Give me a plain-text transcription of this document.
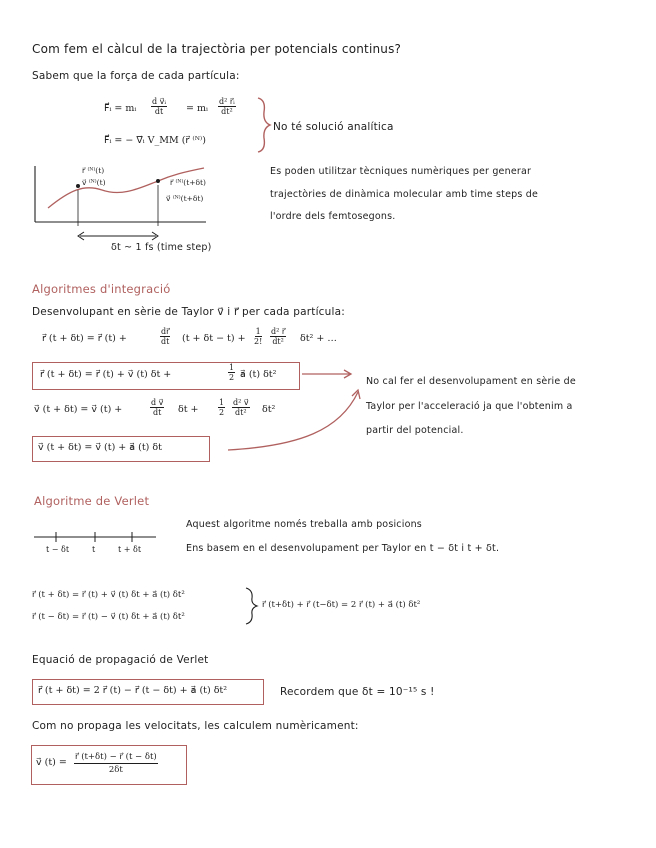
Com fem el càlcul de la trajectòria per potencials continus?
Sabem que la força de cada partícula:
F⃗ᵢ = mᵢ $\frac{\text{d v⃗ᵢ}}{dt}$ = mᵢ $\frac{\text{d² r⃗ᵢ}}{\text{dt²}}$
F⃗ᵢ = − ∇⃗ᵢ V_MM (r⃗ ⁽ᴺ⁾)
No té solució analítica
r⃗ ⁽ᴺ⁾(t)
v⃗ ⁽ᴺ⁾(t)	r⃗ ⁽ᴺ⁾(t+δt)
v⃗ ⁽ᴺ⁾(t+δt)
δt ~ 1 fs (time step)
Es poden utilitzar tècniques numèriques per generar
trajectòries de dinàmica molecular amb time steps de
l'ordre dels femtosegons.
Algoritmes d'integració
Desenvolupant en sèrie de Taylor v⃗ i r⃗ per cada partícula:
r⃗ (t + δt) = r⃗ (t) +	$\frac{dr⃗}{dt} (t + \delta t - t) + \frac{1}{2!} \frac{\text{d² r⃗}}{\text{dt²}} \delta t^2$ + …
r⃗ (t + δt) = r⃗ (t) + v⃗ (t) δt +	$\frac{1}{2}$ a⃗ (t) δt²
v⃗ (t + δt) = v⃗ (t) +	$\frac{\text{d v⃗}}{dt}$ $\delta t + \frac{1}{2} \frac{\text{d² v⃗}}{\text{dt²}} \delta t^2$
v⃗ (t + δt) = v⃗ (t) + a⃗ (t) δt
No cal fer el desenvolupament en sèrie de
Taylor per l'acceleració ja que l'obtenim a
partir del potencial.
Algoritme de Verlet
Aquest algoritme només treballa amb posicions
Ens basem en el desenvolupament per Taylor en t − δt i t + δt.
t − δt	t	t + δt
r⃗ (t + δt) = r⃗ (t) + v⃗ (t) δt + a⃗ (t) δt²
r⃗ (t − δt) = r⃗ (t) − v⃗ (t) δt + a⃗ (t) δt²
r⃗ (t+δt) + r⃗ (t−δt) = 2 r⃗ (t) + a⃗ (t) δt²
Equació de propagació de Verlet
r⃗ (t + δt) = 2 r⃗ (t) − r⃗ (t − δt) + a⃗ (t) δt²	Recordem que δt = 10⁻¹⁵ s !
Com no propaga les velocitats, les calculem numèricament:
v⃗ $(t) = \frac{r⃗ (t+\delta t) - r⃗ (t - \delta t)}{2\delta t}$
